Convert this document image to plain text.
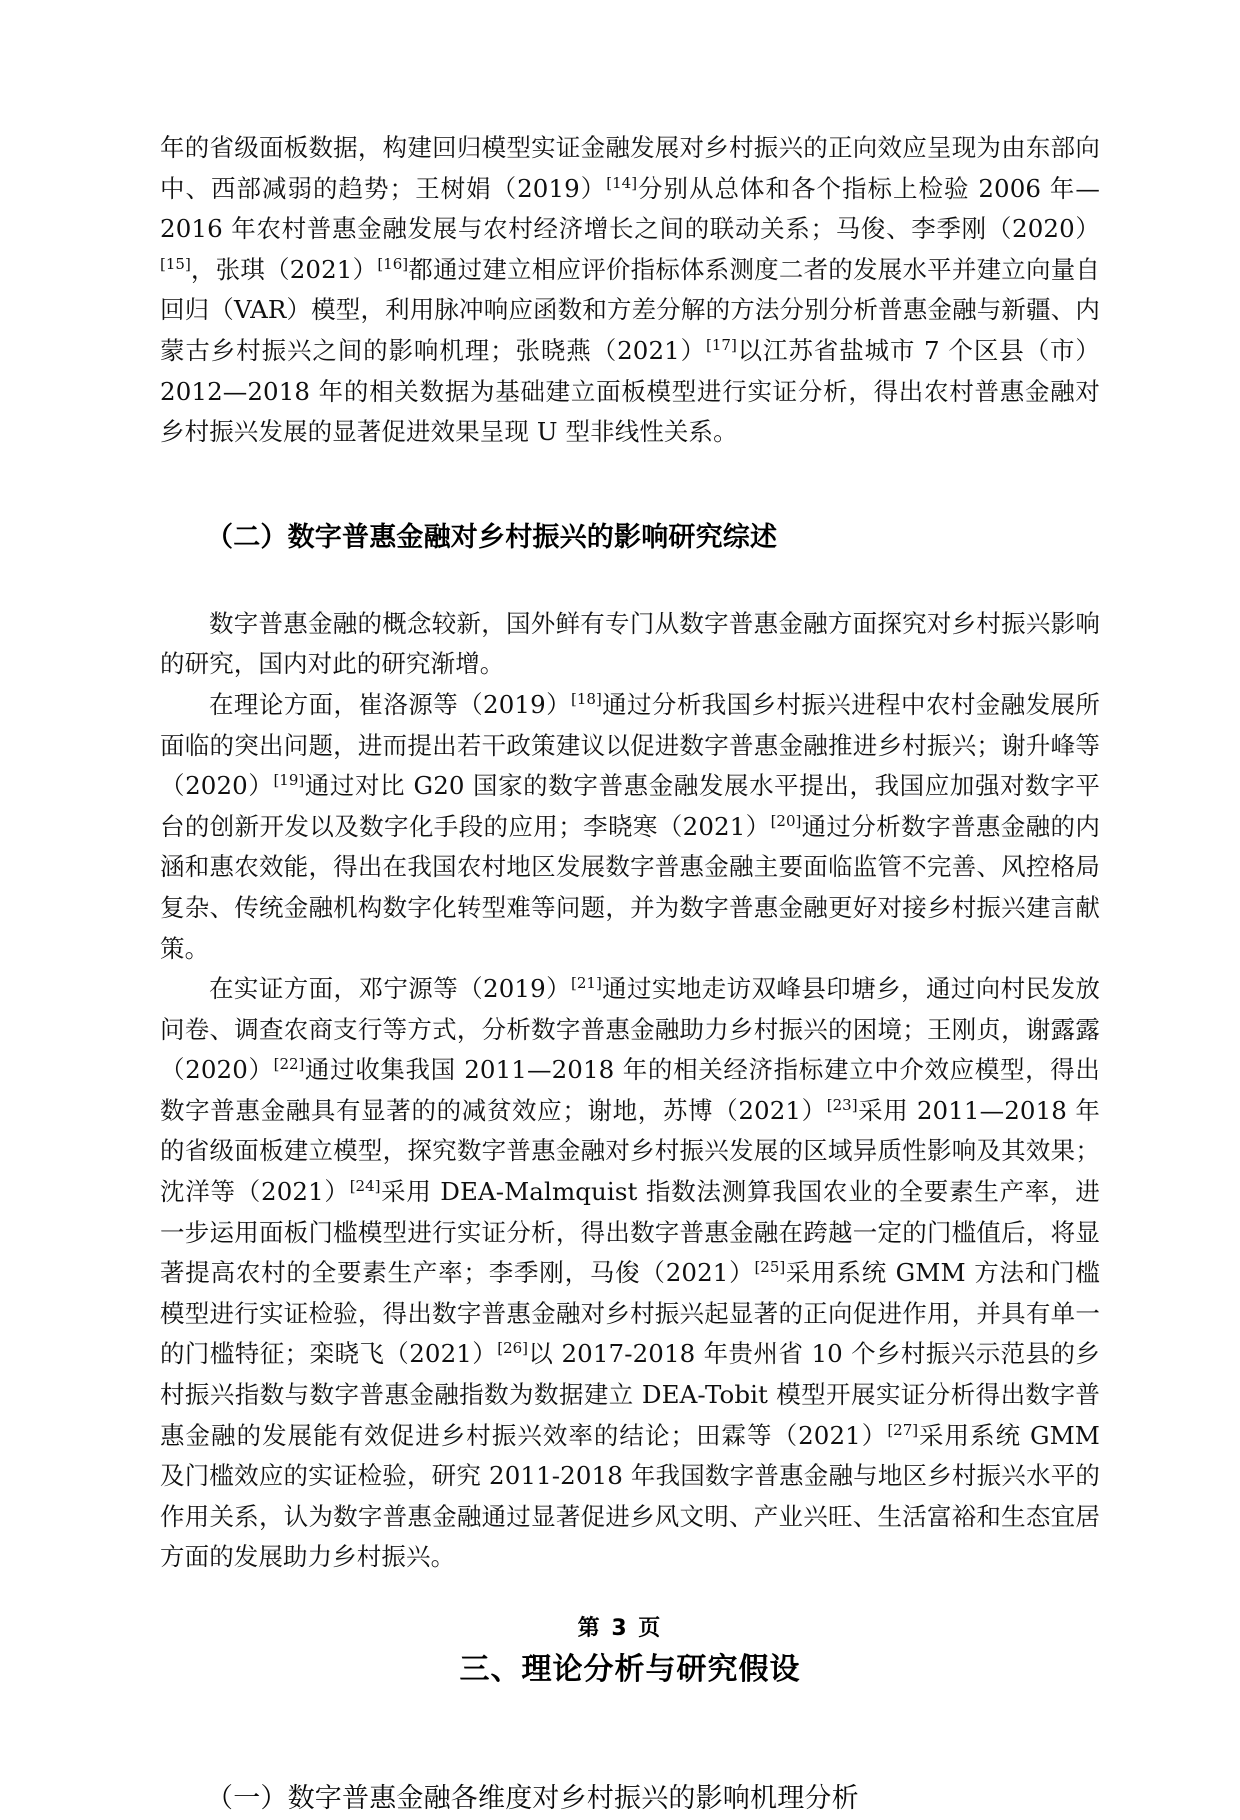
年的省级面板数据，构建回归模型实证金融发展对乡村振兴的正向效应呈现为由东部向中、西部减弱的趋势；王树娟（2019）[14]分别从总体和各个指标上检验 2006 年—2016 年农村普惠金融发展与农村经济增长之间的联动关系；马俊、李季刚（2020）[15]，张琪（2021）[16]都通过建立相应评价指标体系测度二者的发展水平并建立向量自回归（VAR）模型，利用脉冲响应函数和方差分解的方法分别分析普惠金融与新疆、内蒙古乡村振兴之间的影响机理；张晓燕（2021）[17]以江苏省盐城市 7 个区县（市）2012—2018 年的相关数据为基础建立面板模型进行实证分析，得出农村普惠金融对乡村振兴发展的显著促进效果呈现 U 型非线性关系。

（二）数字普惠金融对乡村振兴的影响研究综述

数字普惠金融的概念较新，国外鲜有专门从数字普惠金融方面探究对乡村振兴影响的研究，国内对此的研究渐增。

在理论方面，崔洛源等（2019）[18]通过分析我国乡村振兴进程中农村金融发展所面临的突出问题，进而提出若干政策建议以促进数字普惠金融推进乡村振兴；谢升峰等（2020）[19]通过对比 G20 国家的数字普惠金融发展水平提出，我国应加强对数字平台的创新开发以及数字化手段的应用；李晓寒（2021）[20]通过分析数字普惠金融的内涵和惠农效能，得出在我国农村地区发展数字普惠金融主要面临监管不完善、风控格局复杂、传统金融机构数字化转型难等问题，并为数字普惠金融更好对接乡村振兴建言献策。

在实证方面，邓宁源等（2019）[21]通过实地走访双峰县印塘乡，通过向村民发放问卷、调查农商支行等方式，分析数字普惠金融助力乡村振兴的困境；王刚贞，谢露露（2020）[22]通过收集我国 2011—2018 年的相关经济指标建立中介效应模型，得出数字普惠金融具有显著的的减贫效应；谢地，苏博（2021）[23]采用 2011—2018 年的省级面板建立模型，探究数字普惠金融对乡村振兴发展的区域异质性影响及其效果；沈洋等（2021）[24]采用 DEA-Malmquist 指数法测算我国农业的全要素生产率，进一步运用面板门槛模型进行实证分析，得出数字普惠金融在跨越一定的门槛值后，将显著提高农村的全要素生产率；李季刚，马俊（2021）[25]采用系统 GMM 方法和门槛模型进行实证检验，得出数字普惠金融对乡村振兴起显著的正向促进作用，并具有单一的门槛特征；栾晓飞（2021）[26]以 2017-2018 年贵州省 10 个乡村振兴示范县的乡村振兴指数与数字普惠金融指数为数据建立 DEA-Tobit 模型开展实证分析得出数字普惠金融的发展能有效促进乡村振兴效率的结论；田霖等（2021）[27]采用系统 GMM 及门槛效应的实证检验，研究 2011-2018 年我国数字普惠金融与地区乡村振兴水平的作用关系，认为数字普惠金融通过显著促进乡风文明、产业兴旺、生活富裕和生态宜居方面的发展助力乡村振兴。

三、理论分析与研究假设
（一）数字普惠金融各维度对乡村振兴的影响机理分析
第 3 页
